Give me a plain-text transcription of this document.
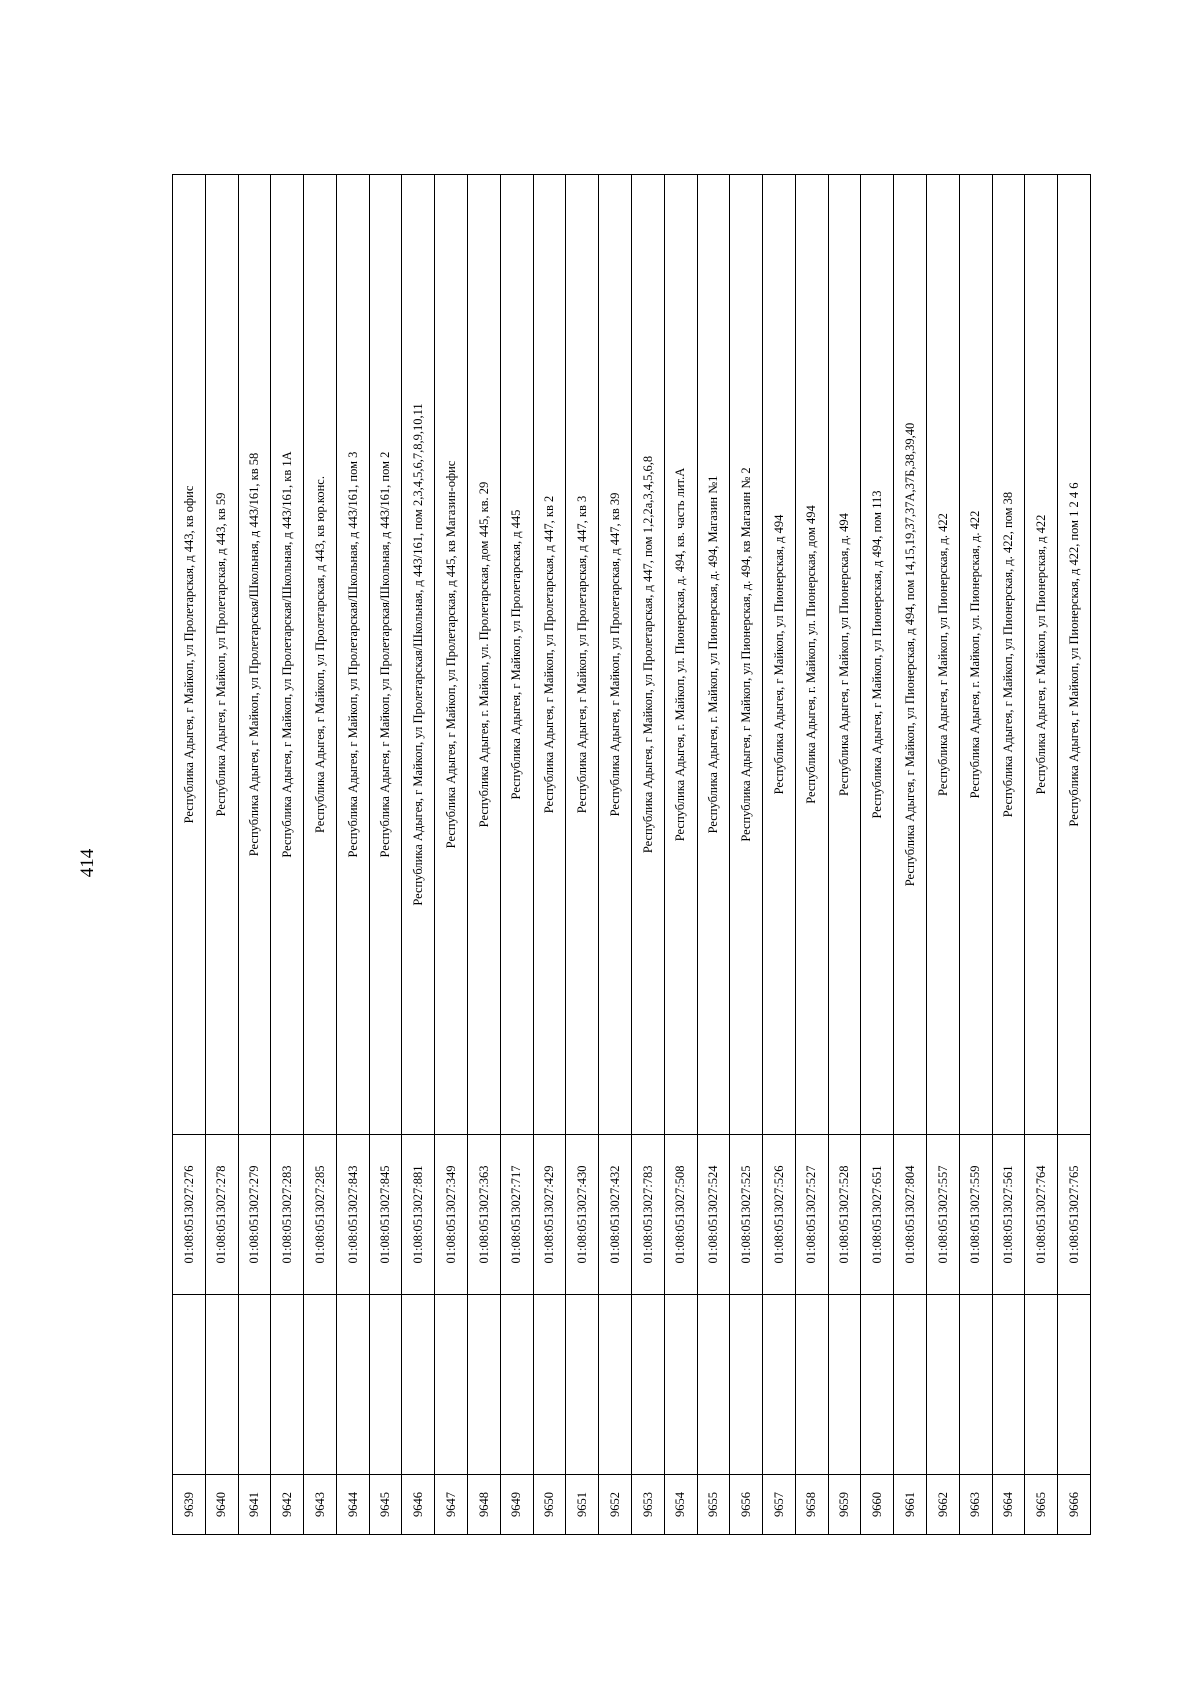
414
9639		01:08:0513027:276	Республика Адыгея, г Майкоп, ул Пролетарская, д 443, кв офис
9640		01:08:0513027:278	Республика Адыгея, г Майкоп, ул Пролетарская, д 443, кв 59
9641		01:08:0513027:279	Республика Адыгея, г Майкоп, ул Пролетарская/Школьная, д 443/161, кв 58
9642		01:08:0513027:283	Республика Адыгея, г Майкоп, ул Пролетарская/Школьная, д 443/161, кв 1А
9643		01:08:0513027:285	Республика Адыгея, г Майкоп, ул Пролетарская, д 443, кв юр.конс.
9644		01:08:0513027:843	Республика Адыгея, г Майкоп, ул Пролетарская/Школьная, д 443/161, пом 3
9645		01:08:0513027:845	Республика Адыгея, г Майкоп, ул Пролетарская/Школьная, д 443/161, пом 2
9646		01:08:0513027:881	Республика Адыгея, г Майкоп, ул Пролетарская/Школьная, д 443/161, пом 2,3,4,5,6,7,8,9,10,11
9647		01:08:0513027:349	Республика Адыгея, г Майкоп, ул Пролетарская, д 445, кв Магазин-офис
9648		01:08:0513027:363	Республика Адыгея, г. Майкоп, ул. Пролетарская, дом 445, кв. 29
9649		01:08:0513027:717	Республика Адыгея, г Майкоп, ул Пролетарская, д 445
9650		01:08:0513027:429	Республика Адыгея, г Майкоп, ул Пролетарская, д 447, кв 2
9651		01:08:0513027:430	Республика Адыгея, г Майкоп, ул Пролетарская, д 447, кв 3
9652		01:08:0513027:432	Республика Адыгея, г Майкоп, ул Пролетарская, д 447, кв 39
9653		01:08:0513027:783	Республика Адыгея, г Майкоп, ул Пролетарская, д 447, пом 1,2,2а,3,4,5,6,8
9654		01:08:0513027:508	Республика Адыгея, г. Майкоп, ул. Пионерская, д. 494, кв. часть лит.А
9655		01:08:0513027:524	Республика Адыгея, г. Майкоп, ул Пионерская, д. 494, Магазин №1
9656		01:08:0513027:525	Республика Адыгея, г Майкоп, ул Пионерская, д. 494, кв Магазин № 2
9657		01:08:0513027:526	Республика Адыгея, г Майкоп, ул Пионерская, д 494
9658		01:08:0513027:527	Республика Адыгея, г. Майкоп, ул. Пионерская, дом 494
9659		01:08:0513027:528	Республика Адыгея, г Майкоп, ул Пионерская, д. 494
9660		01:08:0513027:651	Республика Адыгея, г Майкоп, ул Пионерская, д 494, пом 113
9661		01:08:0513027:804	Республика Адыгея, г Майкоп, ул Пионерская, д 494, пом 14,15,19,37,37А,37Б,38,39,40
9662		01:08:0513027:557	Республика Адыгея, г Майкоп, ул Пионерская, д. 422
9663		01:08:0513027:559	Республика Адыгея, г. Майкоп, ул. Пионерская, д. 422
9664		01:08:0513027:561	Республика Адыгея, г Майкоп, ул Пионерская, д. 422, пом 38
9665		01:08:0513027:764	Республика Адыгея, г Майкоп, ул Пионерская, д 422
9666		01:08:0513027:765	Республика Адыгея, г Майкоп, ул Пионерская, д 422, пом 1 2 4 6
